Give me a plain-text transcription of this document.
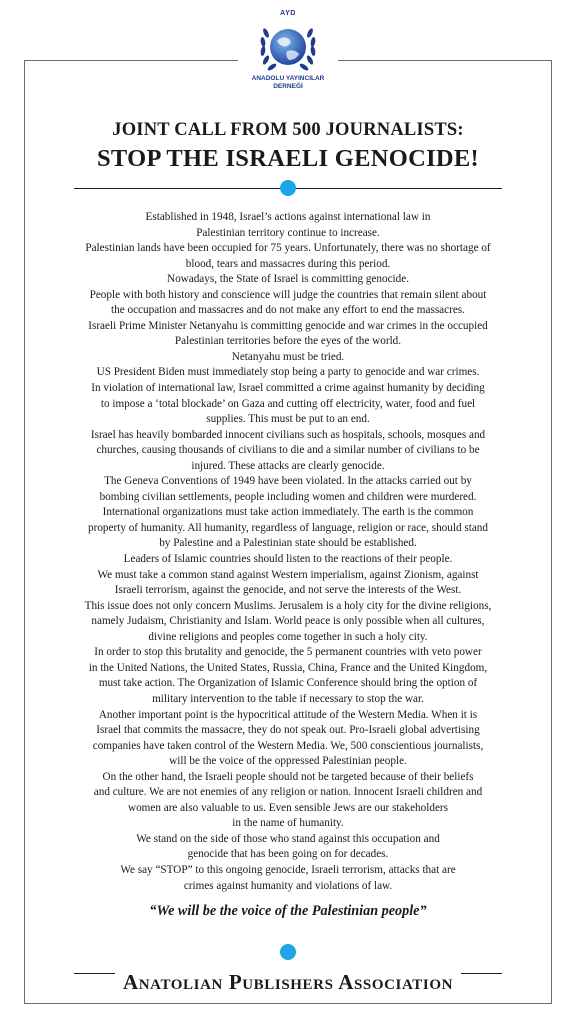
AYD
ANADOLU YAYINCILAR
DERNEĞİ
JOINT CALL FROM 500 JOURNALISTS:
STOP THE ISRAELI GENOCIDE!
Established in 1948, Israel’s actions against international law in
Palestinian territory continue to increase.
Palestinian lands have been occupied for 75 years. Unfortunately, there was no shortage of
blood, tears and massacres during this period.
Nowadays, the State of Israel is committing genocide.
People with both history and conscience will judge the countries that remain silent about
the occupation and massacres and do not make any effort to end the massacres.
Israeli Prime Minister Netanyahu is committing genocide and war crimes in the occupied
Palestinian territories before the eyes of the world.
Netanyahu must be tried.
US President Biden must immediately stop being a party to genocide and war crimes.
In violation of international law, Israel committed a crime against humanity by deciding
to impose a ‘total blockade’ on Gaza and cutting off electricity, water, food and fuel
supplies. This must be put to an end.
Israel has heavily bombarded innocent civilians such as hospitals, schools, mosques and
churches, causing thousands of civilians to die and a similar number of civilians to be
injured. These attacks are clearly genocide.
The Geneva Conventions of 1949 have been violated. In the attacks carried out by
bombing civilian settlements, people including women and children were murdered.
International organizations must take action immediately. The earth is the common
property of humanity. All humanity, regardless of language, religion or race, should stand
by Palestine and a Palestinian state should be established.
Leaders of Islamic countries should listen to the reactions of their people.
We must take a common stand against Western imperialism, against Zionism, against
Israeli terrorism, against the genocide, and not serve the interests of the West.
This issue does not only concern Muslims. Jerusalem is a holy city for the divine religions,
namely Judaism, Christianity and Islam. World peace is only possible when all cultures,
divine religions and peoples come together in such a holy city.
In order to stop this brutality and genocide, the 5 permanent countries with veto power
in the United Nations, the United States, Russia, China, France and the United Kingdom,
must take action. The Organization of Islamic Conference should bring the option of
military intervention to the table if necessary to stop the war.
Another important point is the hypocritical attitude of the Western Media. When it is
Israel that commits the massacre, they do not speak out. Pro-Israeli global advertising
companies have taken control of the Western Media. We, 500 conscientious journalists,
will be the voice of the oppressed Palestinian people.
On the other hand, the Israeli people should not be targeted because of their beliefs
and culture. We are not enemies of any religion or nation. Innocent Israeli children and
women are also valuable to us. Even sensible Jews are our stakeholders
in the name of humanity.
We stand on the side of those who stand against this occupation and
genocide that has been going on for decades.
We say “STOP” to this ongoing genocide, Israeli terrorism, attacks that are
crimes against humanity and violations of law.
“We will be the voice of the Palestinian people”
Anatolian Publishers Association
